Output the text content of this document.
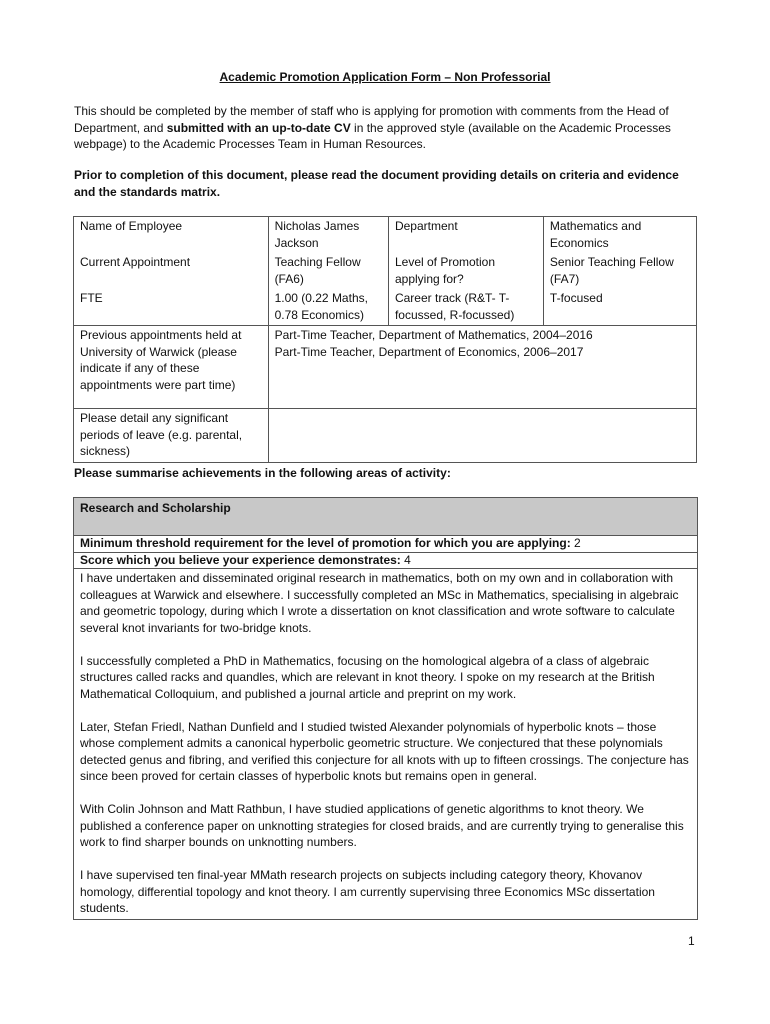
Academic Promotion Application Form – Non Professorial
This should be completed by the member of staff who is applying for promotion with comments from the Head of Department, and submitted with an up-to-date CV in the approved style (available on the Academic Processes webpage) to the Academic Processes Team in Human Resources.
Prior to completion of this document, please read the document providing details on criteria and evidence and the standards matrix.
Name of Employee	Nicholas James Jackson	Department	Mathematics and Economics
Current Appointment	Teaching Fellow (FA6)	Level of Promotion applying for?	Senior Teaching Fellow (FA7)
FTE	1.00 (0.22 Maths, 0.78 Economics)	Career track (R&T- T-focussed, R-focussed)	T-focused
Previous appointments held at University of Warwick (please indicate if any of these appointments were part time)	Part-Time Teacher, Department of Mathematics, 2004–2016
Part-Time Teacher, Department of Economics, 2006–2017		

Please detail any significant periods of leave (e.g. parental, sickness)			
Please summarise achievements in the following areas of activity:
Research and Scholarship
Minimum threshold requirement for the level of promotion for which you are applying: 2
Score which you believe your experience demonstrates: 4

I have undertaken and disseminated original research in mathematics, both on my own and in collaboration with colleagues at Warwick and elsewhere. I successfully completed an MSc in Mathematics, specialising in algebraic and geometric topology, during which I wrote a dissertation on knot classification and wrote software to calculate several knot invariants for two-bridge knots.

I successfully completed a PhD in Mathematics, focusing on the homological algebra of a class of algebraic structures called racks and quandles, which are relevant in knot theory. I spoke on my research at the British Mathematical Colloquium, and published a journal article and preprint on my work.

Later, Stefan Friedl, Nathan Dunfield and I studied twisted Alexander polynomials of hyperbolic knots – those whose complement admits a canonical hyperbolic geometric structure. We conjectured that these polynomials detected genus and fibring, and verified this conjecture for all knots with up to fifteen crossings. The conjecture has since been proved for certain classes of hyperbolic knots but remains open in general.

With Colin Johnson and Matt Rathbun, I have studied applications of genetic algorithms to knot theory. We published a conference paper on unknotting strategies for closed braids, and are currently trying to generalise this work to find sharper bounds on unknotting numbers.

I have supervised ten final-year MMath research projects on subjects including category theory, Khovanov homology, differential topology and knot theory. I am currently supervising three Economics MSc dissertation students.

1
